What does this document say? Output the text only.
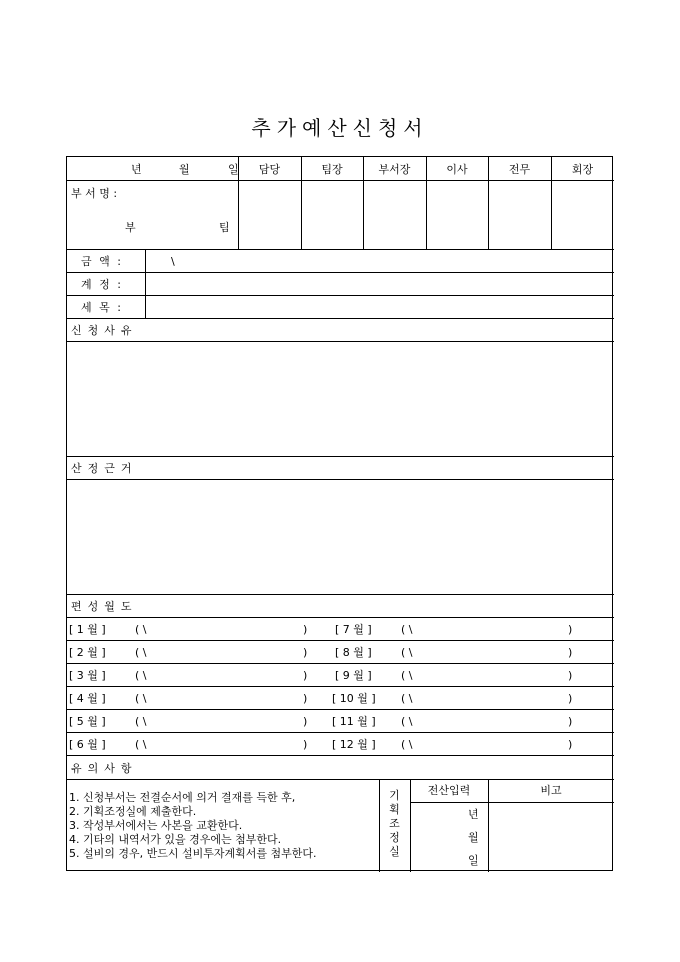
추가예산신청서
년	월	일	담당	팀장	부서장	이사	전무	회장
부 서 명 :
부	팀
금 액 :	\
계 정 :
세 목 :
신청사유
산정근거
편성월도
[ 1 월 ]	( \	)	[ 7 월 ]	( \	)
[ 2 월 ]	( \	)	[ 8 월 ]	( \	)
[ 3 월 ]	( \	)	[ 9 월 ]	( \	)
[ 4 월 ]	( \	) [ 10 월 ] ( \	)
[ 5 월 ]	( \	) [ 11 월 ] ( \	)
[ 6 월 ]	( \	) [ 12 월 ] ( \	)
유의사항
1. 신청부서는 전결순서에 의거 결재를 득한 후,
2. 기획조정실에 제출한다.
3. 작성부서에서는 사본을 교환한다.
4. 기타의 내역서가 있을 경우에는 첨부한다.
5. 설비의 경우, 반드시 설비투자계획서를 첨부한다.
기
획
조
정
실
전산입력	비고
년
월
일
